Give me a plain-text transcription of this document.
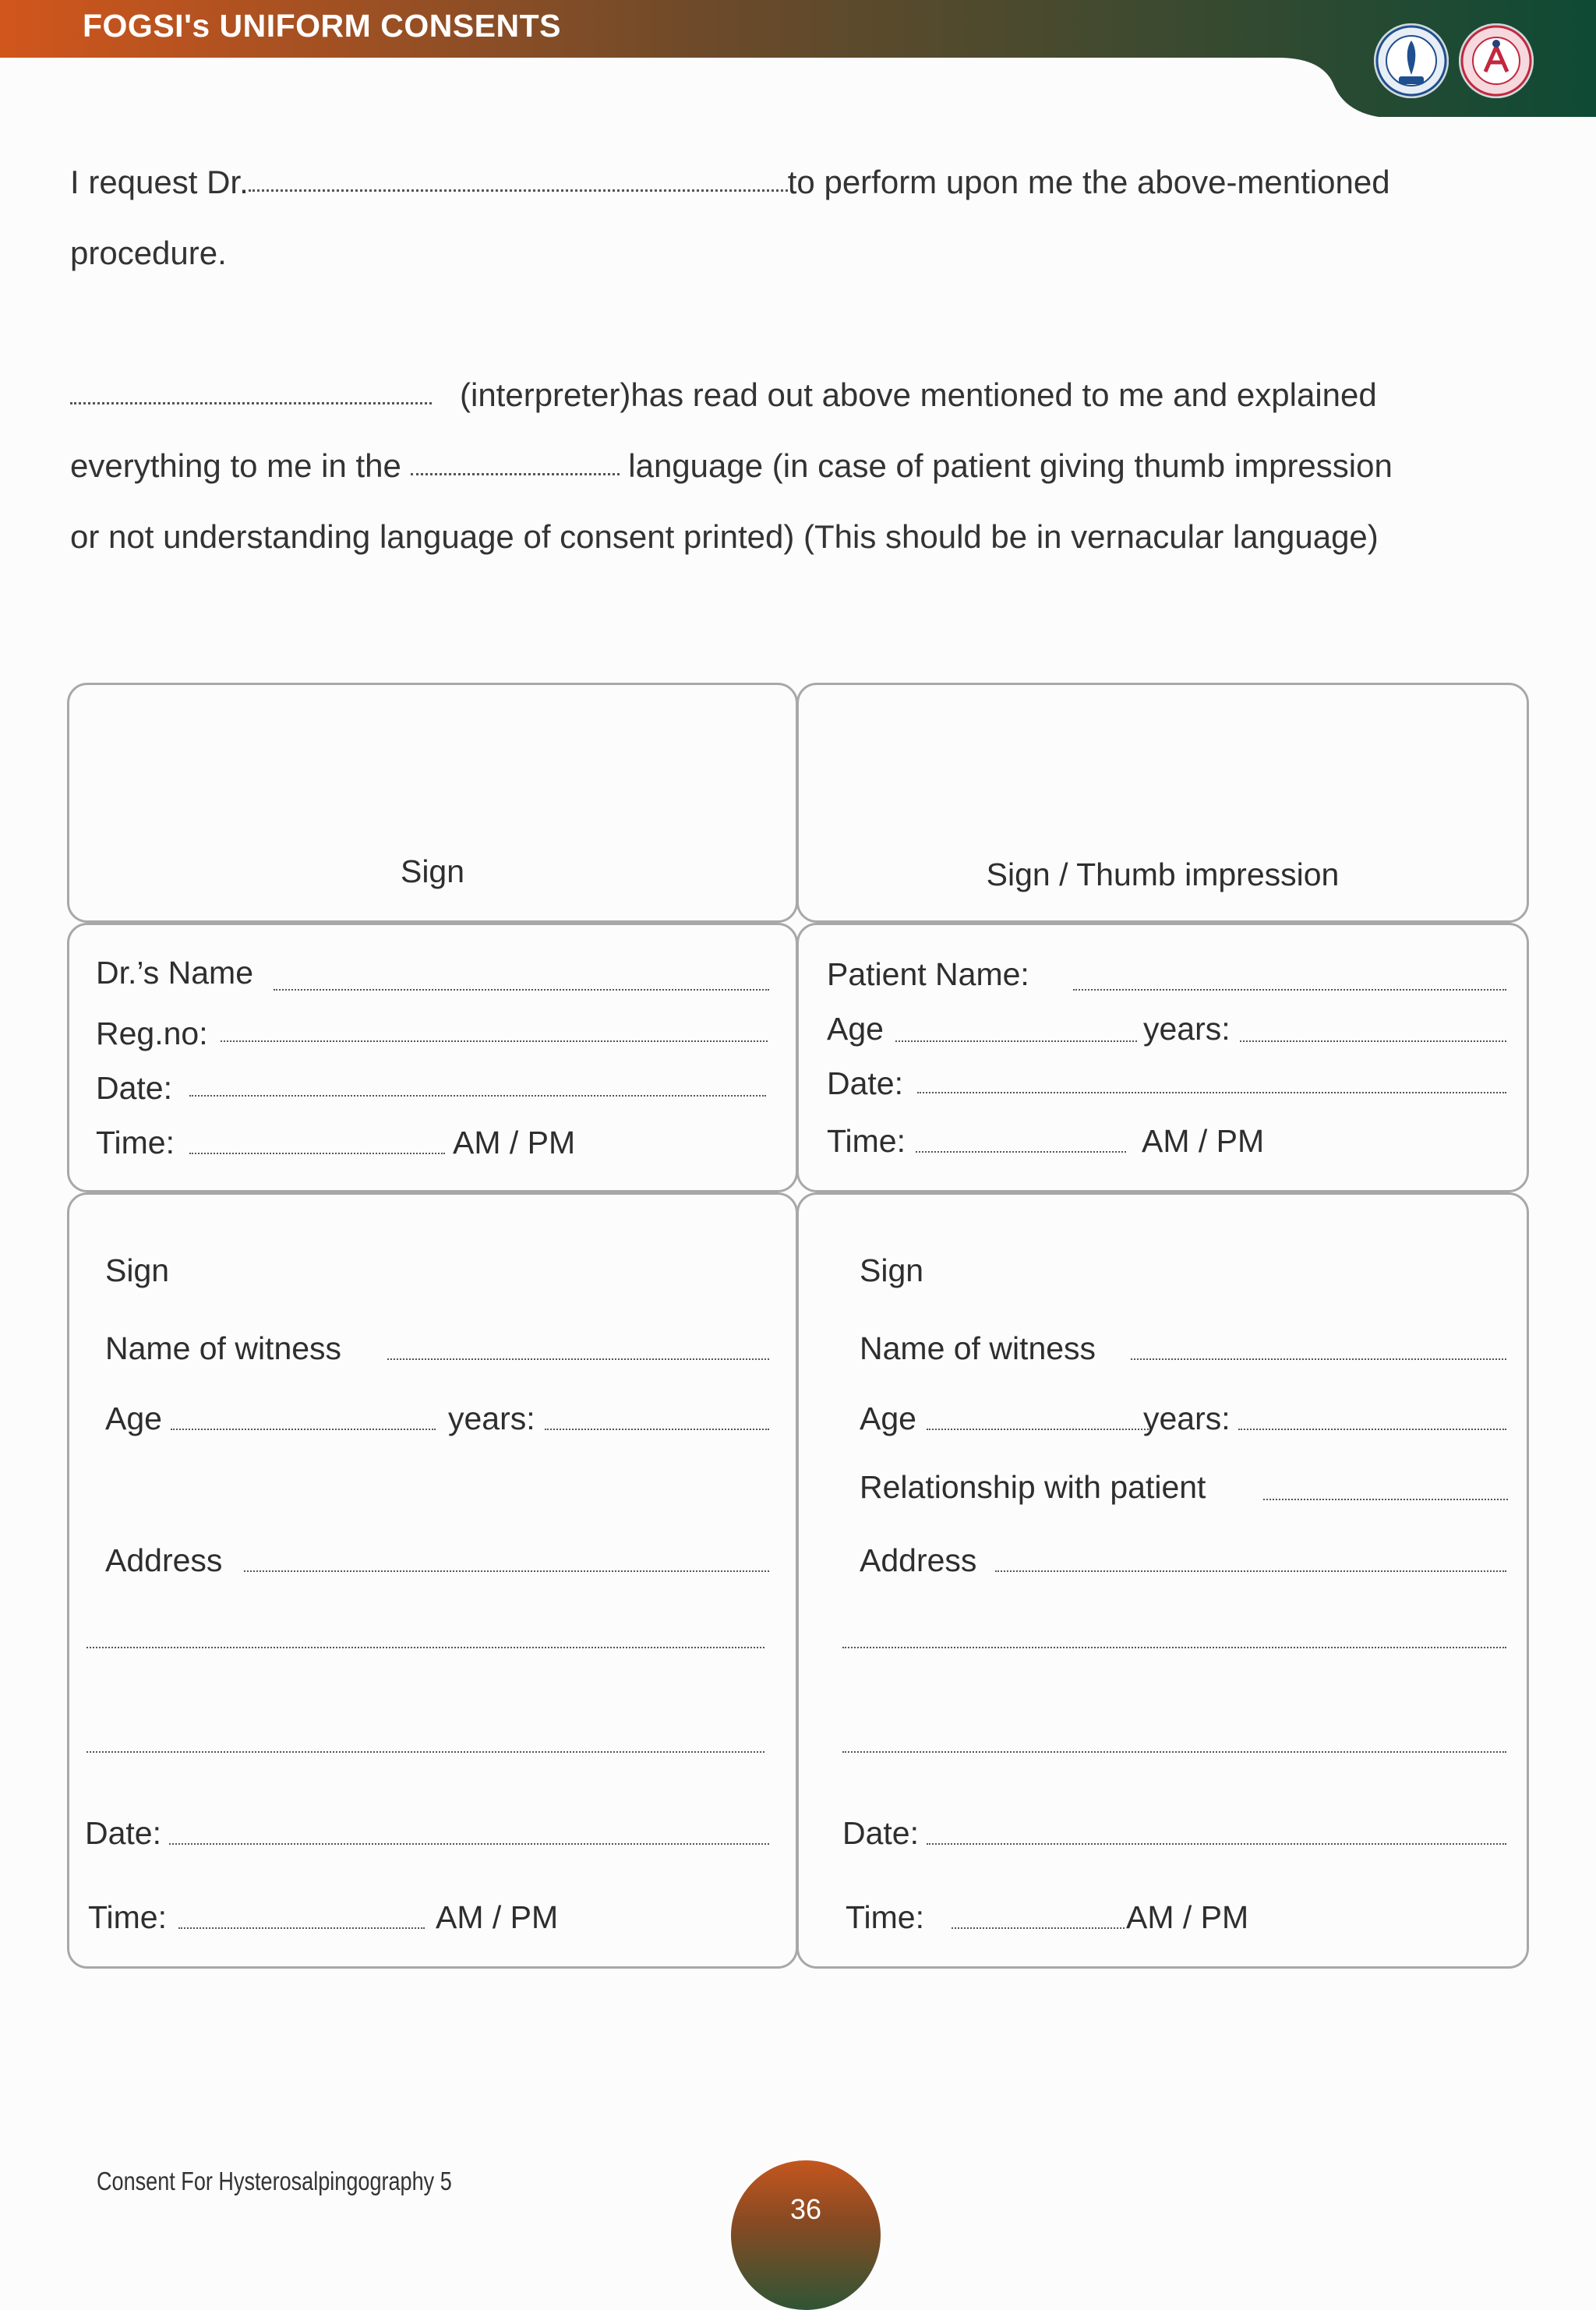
FOGSI's UNIFORM CONSENTS
I request Dr.	to perform upon me the above-mentioned
procedure.
(interpreter)has read out above mentioned to me and explained
everything to me in the	language (in case of patient giving thumb impression
or not understanding language of consent printed) (This should be in vernacular language)
Sign	Sign / Thumb impression
Dr.’s Name
Reg.no:
Date:
Time:	AM / PM
Patient Name:
Age	years:
Date:
Time:	AM / PM
Sign
Name of witness
Age	years:
Address
Date:
Time:	AM / PM
Sign
Name of witness
Age	years:
Relationship with patient
Address
Date:
Time:	AM / PM
Consent For Hysterosalpingography 5
36
